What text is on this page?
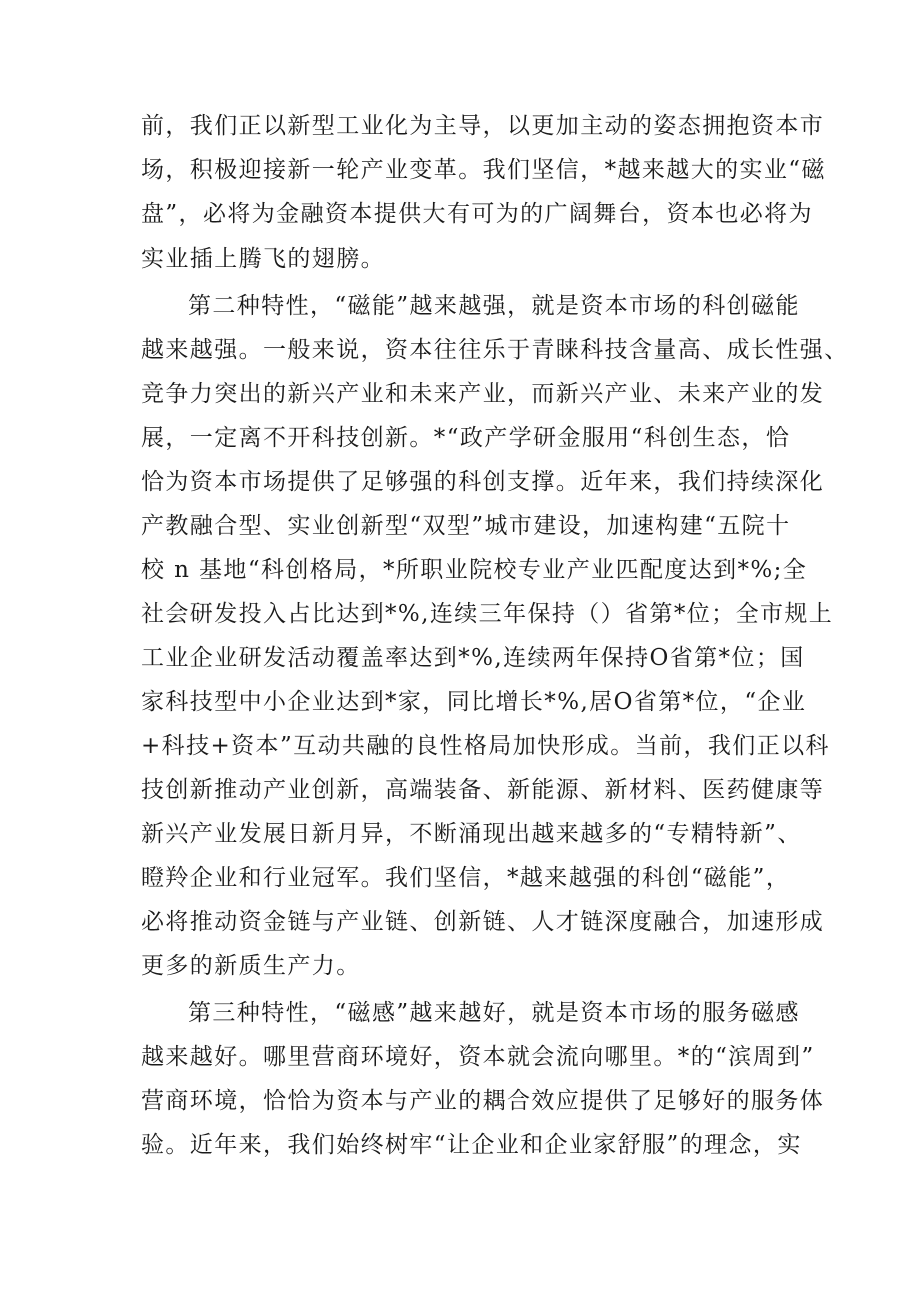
前，我们正以新型工业化为主导，以更加主动的姿态拥抱资本市
场，积极迎接新一轮产业变革。我们坚信，*越来越大的实业“磁
盘”，必将为金融资本提供大有可为的广阔舞台，资本也必将为
实业插上腾飞的翅膀。
第二种特性，“磁能”越来越强，就是资本市场的科创磁能
越来越强。一般来说，资本往往乐于青睐科技含量高、成长性强、
竞争力突出的新兴产业和未来产业，而新兴产业、未来产业的发
展，一定离不开科技创新。*“政产学研金服用“科创生态，恰
恰为资本市场提供了足够强的科创支撑。近年来，我们持续深化
产教融合型、实业创新型“双型”城市建设，加速构建“五院十
校 n 基地“科创格局，*所职业院校专业产业匹配度达到*%;全
社会研发投入占比达到*%,连续三年保持（）省第*位；全市规上
工业企业研发活动覆盖率达到*%,连续两年保持O省第*位；国
家科技型中小企业达到*家，同比增长*%,居O省第*位，“企业
+科技+资本”互动共融的良性格局加快形成。当前，我们正以科
技创新推动产业创新，高端装备、新能源、新材料、医药健康等
新兴产业发展日新月异，不断涌现出越来越多的“专精特新”、
瞪羚企业和行业冠军。我们坚信，*越来越强的科创“磁能”，
必将推动资金链与产业链、创新链、人才链深度融合，加速形成
更多的新质生产力。
第三种特性，“磁感”越来越好，就是资本市场的服务磁感
越来越好。哪里营商环境好，资本就会流向哪里。*的“滨周到”
营商环境，恰恰为资本与产业的耦合效应提供了足够好的服务体
验。近年来，我们始终树牢“让企业和企业家舒服”的理念，实
